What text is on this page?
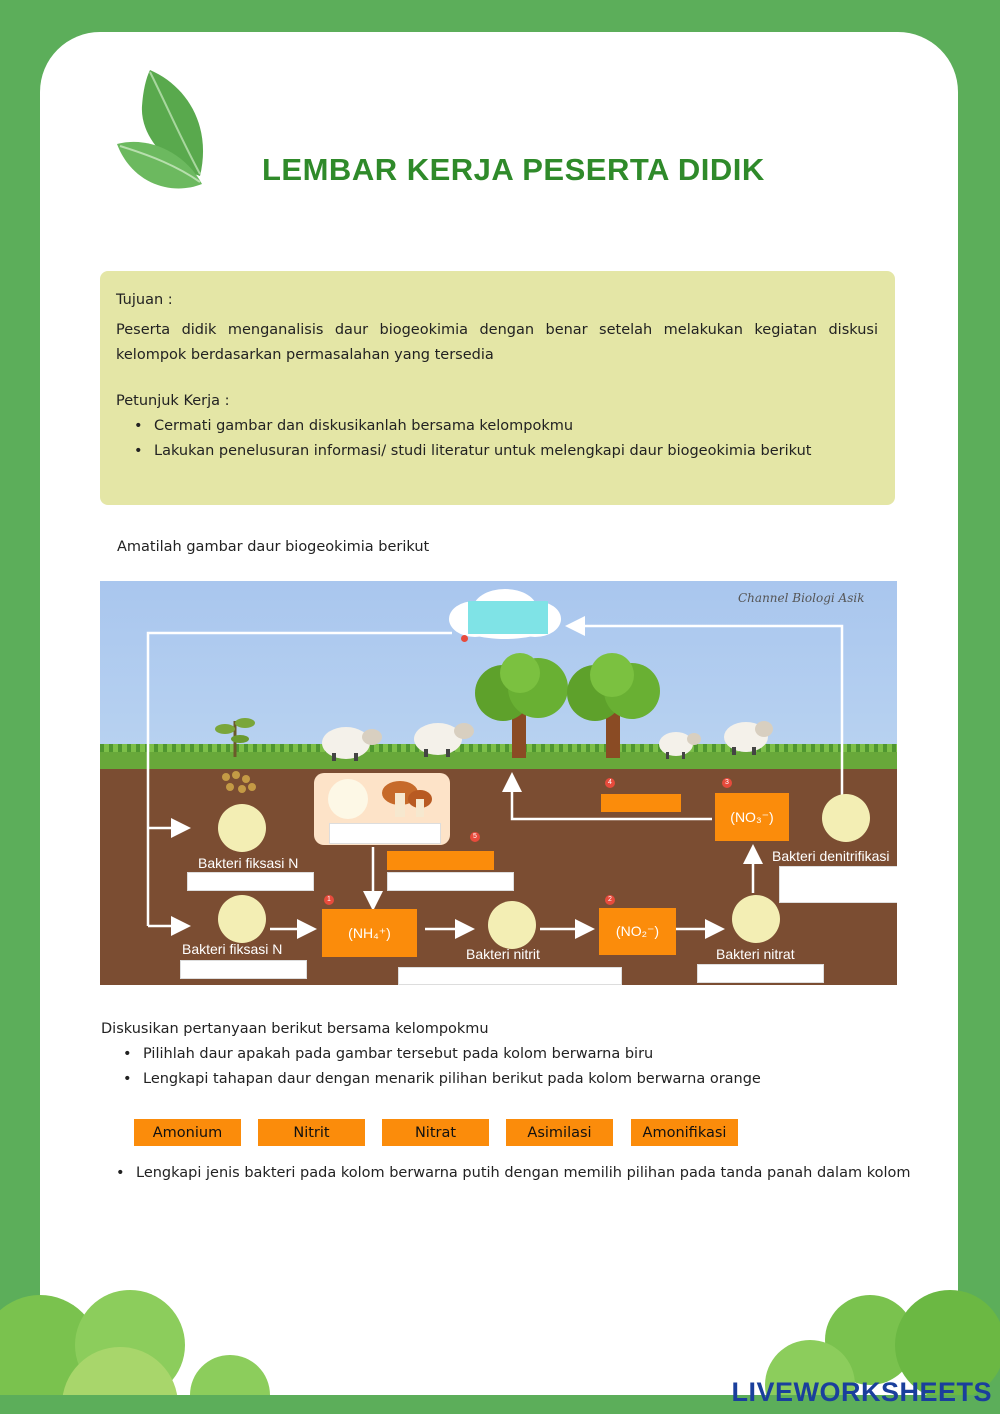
LEMBAR KERJA PESERTA DIDIK
Tujuan :
Peserta didik menganalisis daur biogeokimia dengan benar setelah melakukan kegiatan diskusi kelompok berdasarkan permasalahan yang tersedia
Petunjuk Kerja :
• Cermati gambar dan diskusikanlah bersama kelompokmu
• Lakukan penelusuran informasi/ studi literatur untuk melengkapi daur biogeokimia berikut
Amatilah gambar daur biogeokimia berikut
Channel Biologi Asik
Bakteri fiksasi N
Bakteri fiksasi N	Bakteri nitrit	Bakteri nitrat
Bakteri denitrifikasi
(NH₄⁺)	(NO₂⁻)
(NO₃⁻)
1	2
3
4
5
Diskusikan pertanyaan berikut bersama kelompokmu
• Pilihlah daur apakah pada gambar tersebut pada kolom berwarna biru
• Lengkapi tahapan daur dengan menarik pilihan berikut pada kolom berwarna orange
Amonium	Nitrit	Nitrat	Asimilasi	Amonifikasi
• Lengkapi jenis bakteri pada kolom berwarna putih dengan memilih pilihan pada tanda panah dalam kolom
LIVEWORKSHEETS
